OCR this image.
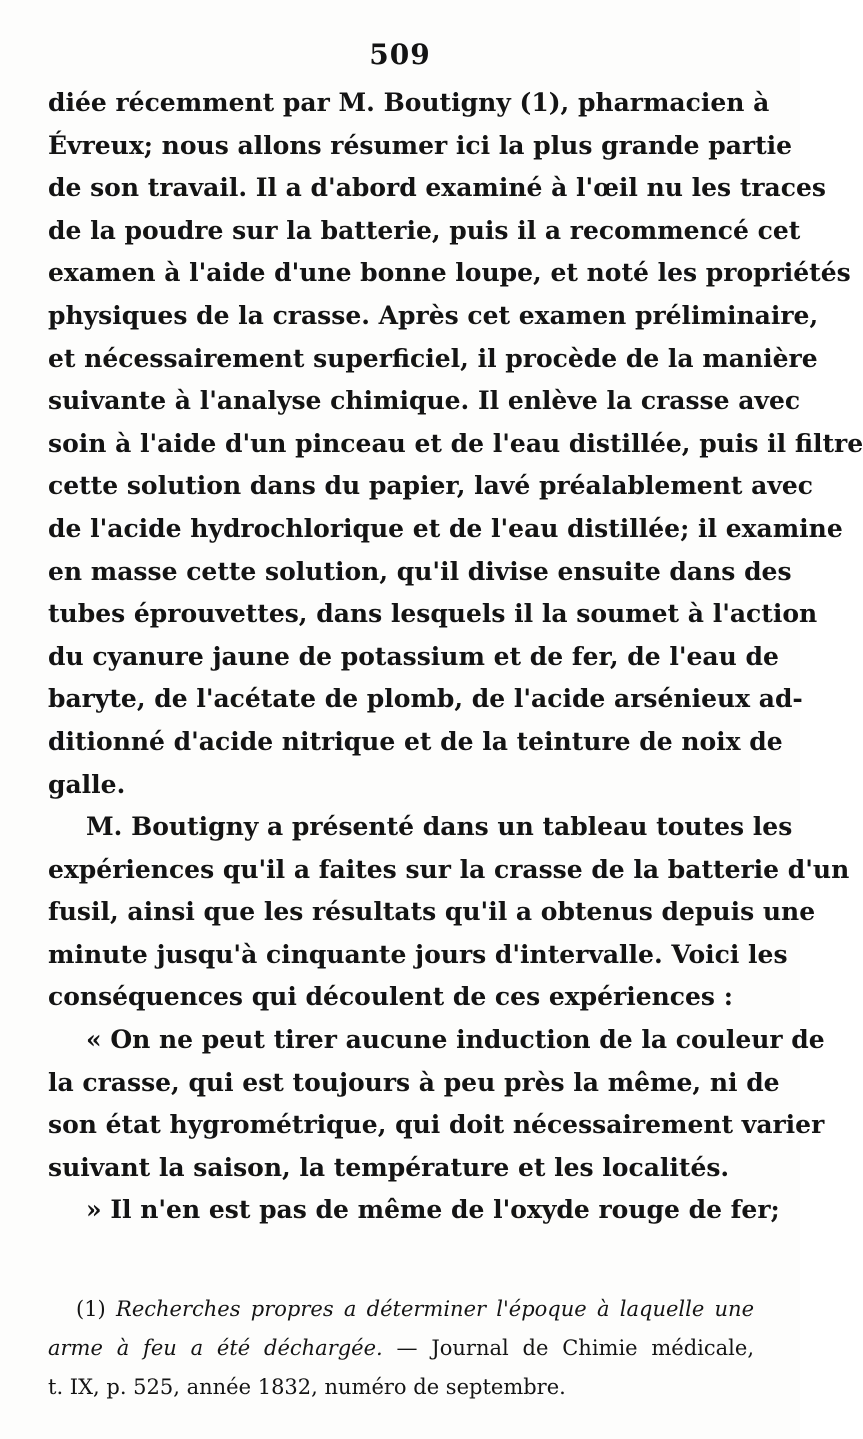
509
diée récemment par M. Boutigny (1), pharmacien à
Évreux; nous allons résumer ici la plus grande partie
de son travail. Il a d'abord examiné à l'œil nu les traces
de la poudre sur la batterie, puis il a recommencé cet
examen à l'aide d'une bonne loupe, et noté les propriétés
physiques de la crasse. Après cet examen préliminaire,
et nécessairement superficiel, il procède de la manière
suivante à l'analyse chimique. Il enlève la crasse avec
soin à l'aide d'un pinceau et de l'eau distillée, puis il filtre
cette solution dans du papier, lavé préalablement avec
de l'acide hydrochlorique et de l'eau distillée; il examine
en masse cette solution, qu'il divise ensuite dans des
tubes éprouvettes, dans lesquels il la soumet à l'action
du cyanure jaune de potassium et de fer, de l'eau de
baryte, de l'acétate de plomb, de l'acide arsénieux ad-
ditionné d'acide nitrique et de la teinture de noix de
galle.
M. Boutigny a présenté dans un tableau toutes les
expériences qu'il a faites sur la crasse de la batterie d'un
fusil, ainsi que les résultats qu'il a obtenus depuis une
minute jusqu'à cinquante jours d'intervalle. Voici les
conséquences qui découlent de ces expériences :
« On ne peut tirer aucune induction de la couleur de
la crasse, qui est toujours à peu près la même, ni de
son état hygrométrique, qui doit nécessairement varier
suivant la saison, la température et les localités.
» Il n'en est pas de même de l'oxyde rouge de fer;
(1) Recherches propres a déterminer l'époque à laquelle une
arme à feu a été déchargée. — Journal de Chimie médicale,
t. IX, p. 525, année 1832, numéro de septembre.
